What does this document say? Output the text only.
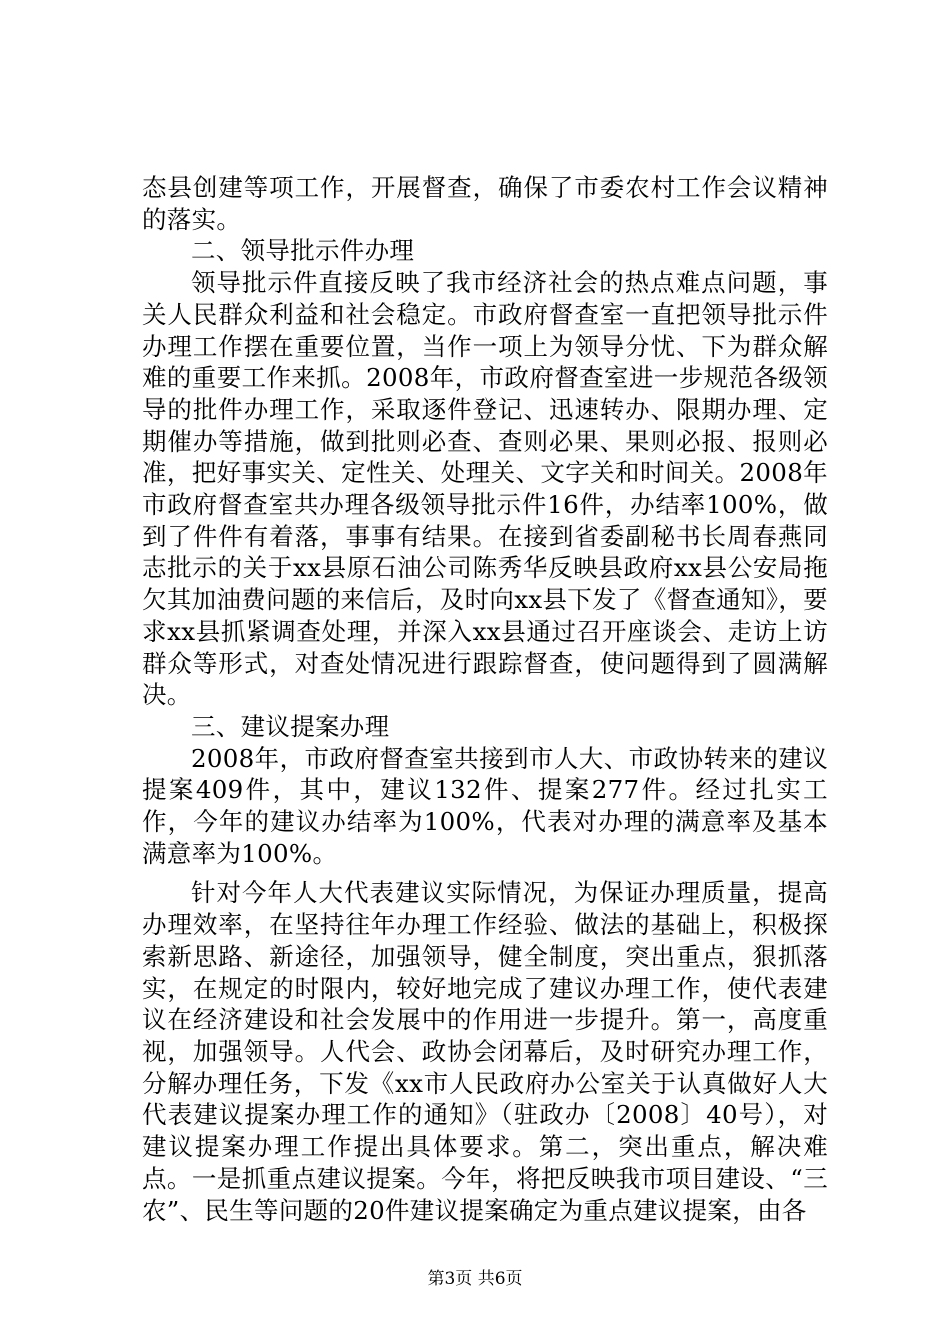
态县创建等项工作，开展督查，确保了市委农村工作会议精神的落实。

二、领导批示件办理

领导批示件直接反映了我市经济社会的热点难点问题，事关人民群众利益和社会稳定。市政府督查室一直把领导批示件办理工作摆在重要位置，当作一项上为领导分忧、下为群众解难的重要工作来抓。2008年，市政府督查室进一步规范各级领导的批件办理工作，采取逐件登记、迅速转办、限期办理、定期催办等措施，做到批则必查、查则必果、果则必报、报则必准，把好事实关、定性关、处理关、文字关和时间关。2008年市政府督查室共办理各级领导批示件16件，办结率100%，做到了件件有着落，事事有结果。在接到省委副秘书长周春燕同志批示的关于xx县原石油公司陈秀华反映县政府xx县公安局拖欠其加油费问题的来信后，及时向xx县下发了《督查通知》，要求xx县抓紧调查处理，并深入xx县通过召开座谈会、走访上访群众等形式，对查处情况进行跟踪督查，使问题得到了圆满解决。

三、建议提案办理

2008年，市政府督查室共接到市人大、市政协转来的建议提案409件，其中，建议132件、提案277件。经过扎实工作，今年的建议办结率为100%，代表对办理的满意率及基本满意率为100%。

针对今年人大代表建议实际情况，为保证办理质量，提高办理效率，在坚持往年办理工作经验、做法的基础上，积极探索新思路、新途径，加强领导，健全制度，突出重点，狠抓落实，在规定的时限内，较好地完成了建议办理工作，使代表建议在经济建设和社会发展中的作用进一步提升。第一，高度重视，加强领导。人代会、政协会闭幕后，及时研究办理工作，分解办理任务，下发《xx市人民政府办公室关于认真做好人大代表建议提案办理工作的通知》（驻政办〔2008〕40号），对建议提案办理工作提出具体要求。第二，突出重点，解决难点。一是抓重点建议提案。今年，将把反映我市项目建设、“三农”、民生等问题的20件建议提案确定为重点建议提案，由各

第3页 共6页
